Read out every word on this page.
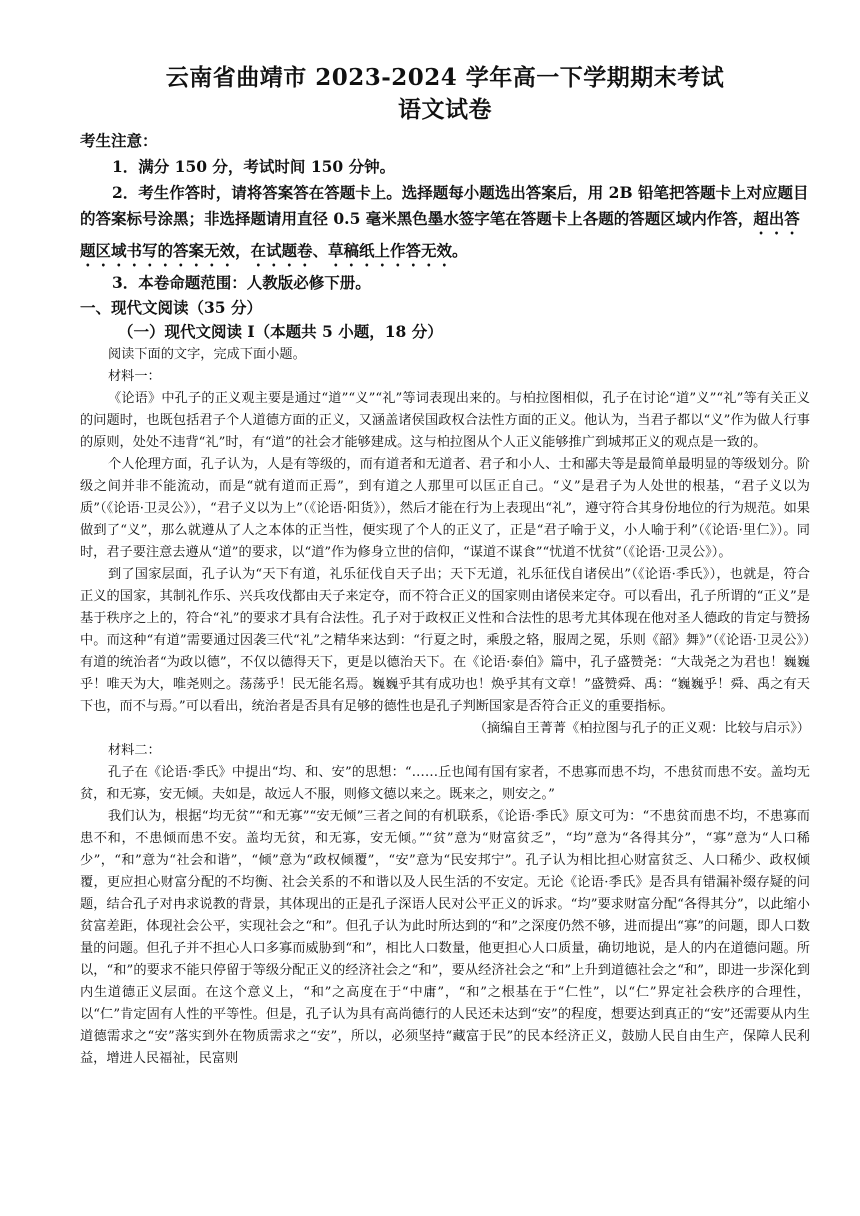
云南省曲靖市 2023-2024 学年高一下学期期末考试
语文试卷

考生注意：

1．满分 150 分，考试时间 150 分钟。

2．考生作答时，请将答案答在答题卡上。选择题每小题选出答案后，用 2B 铅笔把答题卡上对应题目的答案标号涂黑；非选择题请用直径 0.5 毫米黑色墨水签字笔在答题卡上各题的答题区域内作答，超出答题区域书写的答案无效，在试题卷、草稿纸上作答无效。

3．本卷命题范围：人教版必修下册。

一、现代文阅读（35 分）

（一）现代文阅读 I（本题共 5 小题，18 分）

阅读下面的文字，完成下面小题。

材料一：

《论语》中孔子的正义观主要是通过“道”“义”“礼”等词表现出来的。与柏拉图相似，孔子在讨论“道”义”“礼”等有关正义的问题时，也既包括君子个人道德方面的正义，又涵盖诸侯国政权合法性方面的正义。他认为，当君子都以“义”作为做人行事的原则，处处不违背“礼”时，有“道”的社会才能够建成。这与柏拉图从个人正义能够推广到城邦正义的观点是一致的。

个人伦理方面，孔子认为，人是有等级的，而有道者和无道者、君子和小人、士和鄙夫等是最简单最明显的等级划分。阶级之间并非不能流动，而是“就有道而正焉”，到有道之人那里可以匡正自己。“义”是君子为人处世的根基，“君子义以为质”（《论语·卫灵公》），“君子义以为上”（《论语·阳货》），然后才能在行为上表现出“礼”，遵守符合其身份地位的行为规范。如果做到了“义”，那么就遵从了人之本体的正当性，便实现了个人的正义了，正是“君子喻于义，小人喻于利”（《论语·里仁》）。同时，君子要注意去遵从“道”的要求，以“道”作为修身立世的信仰，“谋道不谋食”“忧道不忧贫”（《论语·卫灵公》）。

到了国家层面，孔子认为“天下有道，礼乐征伐自天子出；天下无道，礼乐征伐自诸侯出”（《论语·季氏》），也就是，符合正义的国家，其制礼作乐、兴兵攻伐都由天子来定夺，而不符合正义的国家则由诸侯来定夺。可以看出，孔子所谓的“正义”是基于秩序之上的，符合“礼”的要求才具有合法性。孔子对于政权正义性和合法性的思考尤其体现在他对圣人德政的肯定与赞扬中。而这种“有道”需要通过因袭三代“礼”之精华来达到：“行夏之时，乘殷之辂，服周之冕，乐则《韶》舞》”（《论语·卫灵公》）有道的统治者“为政以德”，不仅以德得天下，更是以德治天下。在《论语·泰伯》篇中，孔子盛赞尧：“大哉尧之为君也！巍巍乎！唯天为大，唯尧则之。荡荡乎！民无能名焉。巍巍乎其有成功也！焕乎其有文章！”盛赞舜、禹：“巍巍乎！舜、禹之有天下也，而不与焉。”可以看出，统治者是否具有足够的德性也是孔子判断国家是否符合正义的重要指标。

（摘编自王菁菁《柏拉图与孔子的正义观：比较与启示》）

材料二：

孔子在《论语·季氏》中提出“均、和、安”的思想：“……丘也闻有国有家者，不患寡而患不均，不患贫而患不安。盖均无贫，和无寡，安无倾。夫如是，故远人不服，则修文德以来之。既来之，则安之。”

我们认为，根据“均无贫”“和无寡”“安无倾”三者之间的有机联系，《论语·季氏》原文可为：“不患贫而患不均，不患寡而患不和，不患倾而患不安。盖均无贫，和无寡，安无倾。”“贫”意为“财富贫乏”，“均”意为“各得其分”，“寡”意为“人口稀少”，“和”意为“社会和谐”，“倾”意为“政权倾覆”，“安”意为“民安邦宁”。孔子认为相比担心财富贫乏、人口稀少、政权倾覆，更应担心财富分配的不均衡、社会关系的不和谐以及人民生活的不安定。无论《论语·季氏》是否具有错漏补缀存疑的问题，结合孔子对冉求说教的背景，其体现出的正是孔子深语人民对公平正义的诉求。“均”要求财富分配“各得其分”，以此缩小贫富差距，体现社会公平，实现社会之“和”。但孔子认为此时所达到的“和”之深度仍然不够，进而提出“寡”的问题，即人口数量的问题。但孔子并不担心人口多寡而威胁到“和”，相比人口数量，他更担心人口质量，确切地说，是人的内在道德问题。所以，“和”的要求不能只停留于等级分配正义的经济社会之“和”，要从经济社会之“和”上升到道德社会之“和”，即进一步深化到内生道德正义层面。在这个意义上，“和”之高度在于“中庸”，“和”之根基在于“仁性”，以“仁”界定社会秩序的合理性，以“仁”肯定固有人性的平等性。但是，孔子认为具有高尚德行的人民还未达到“安”的程度，想要达到真正的“安”还需要从内生道德需求之“安”落实到外在物质需求之“安”，所以，必须坚持“藏富于民”的民本经济正义，鼓励人民自由生产，保障人民利益，增进人民福祉，民富则
